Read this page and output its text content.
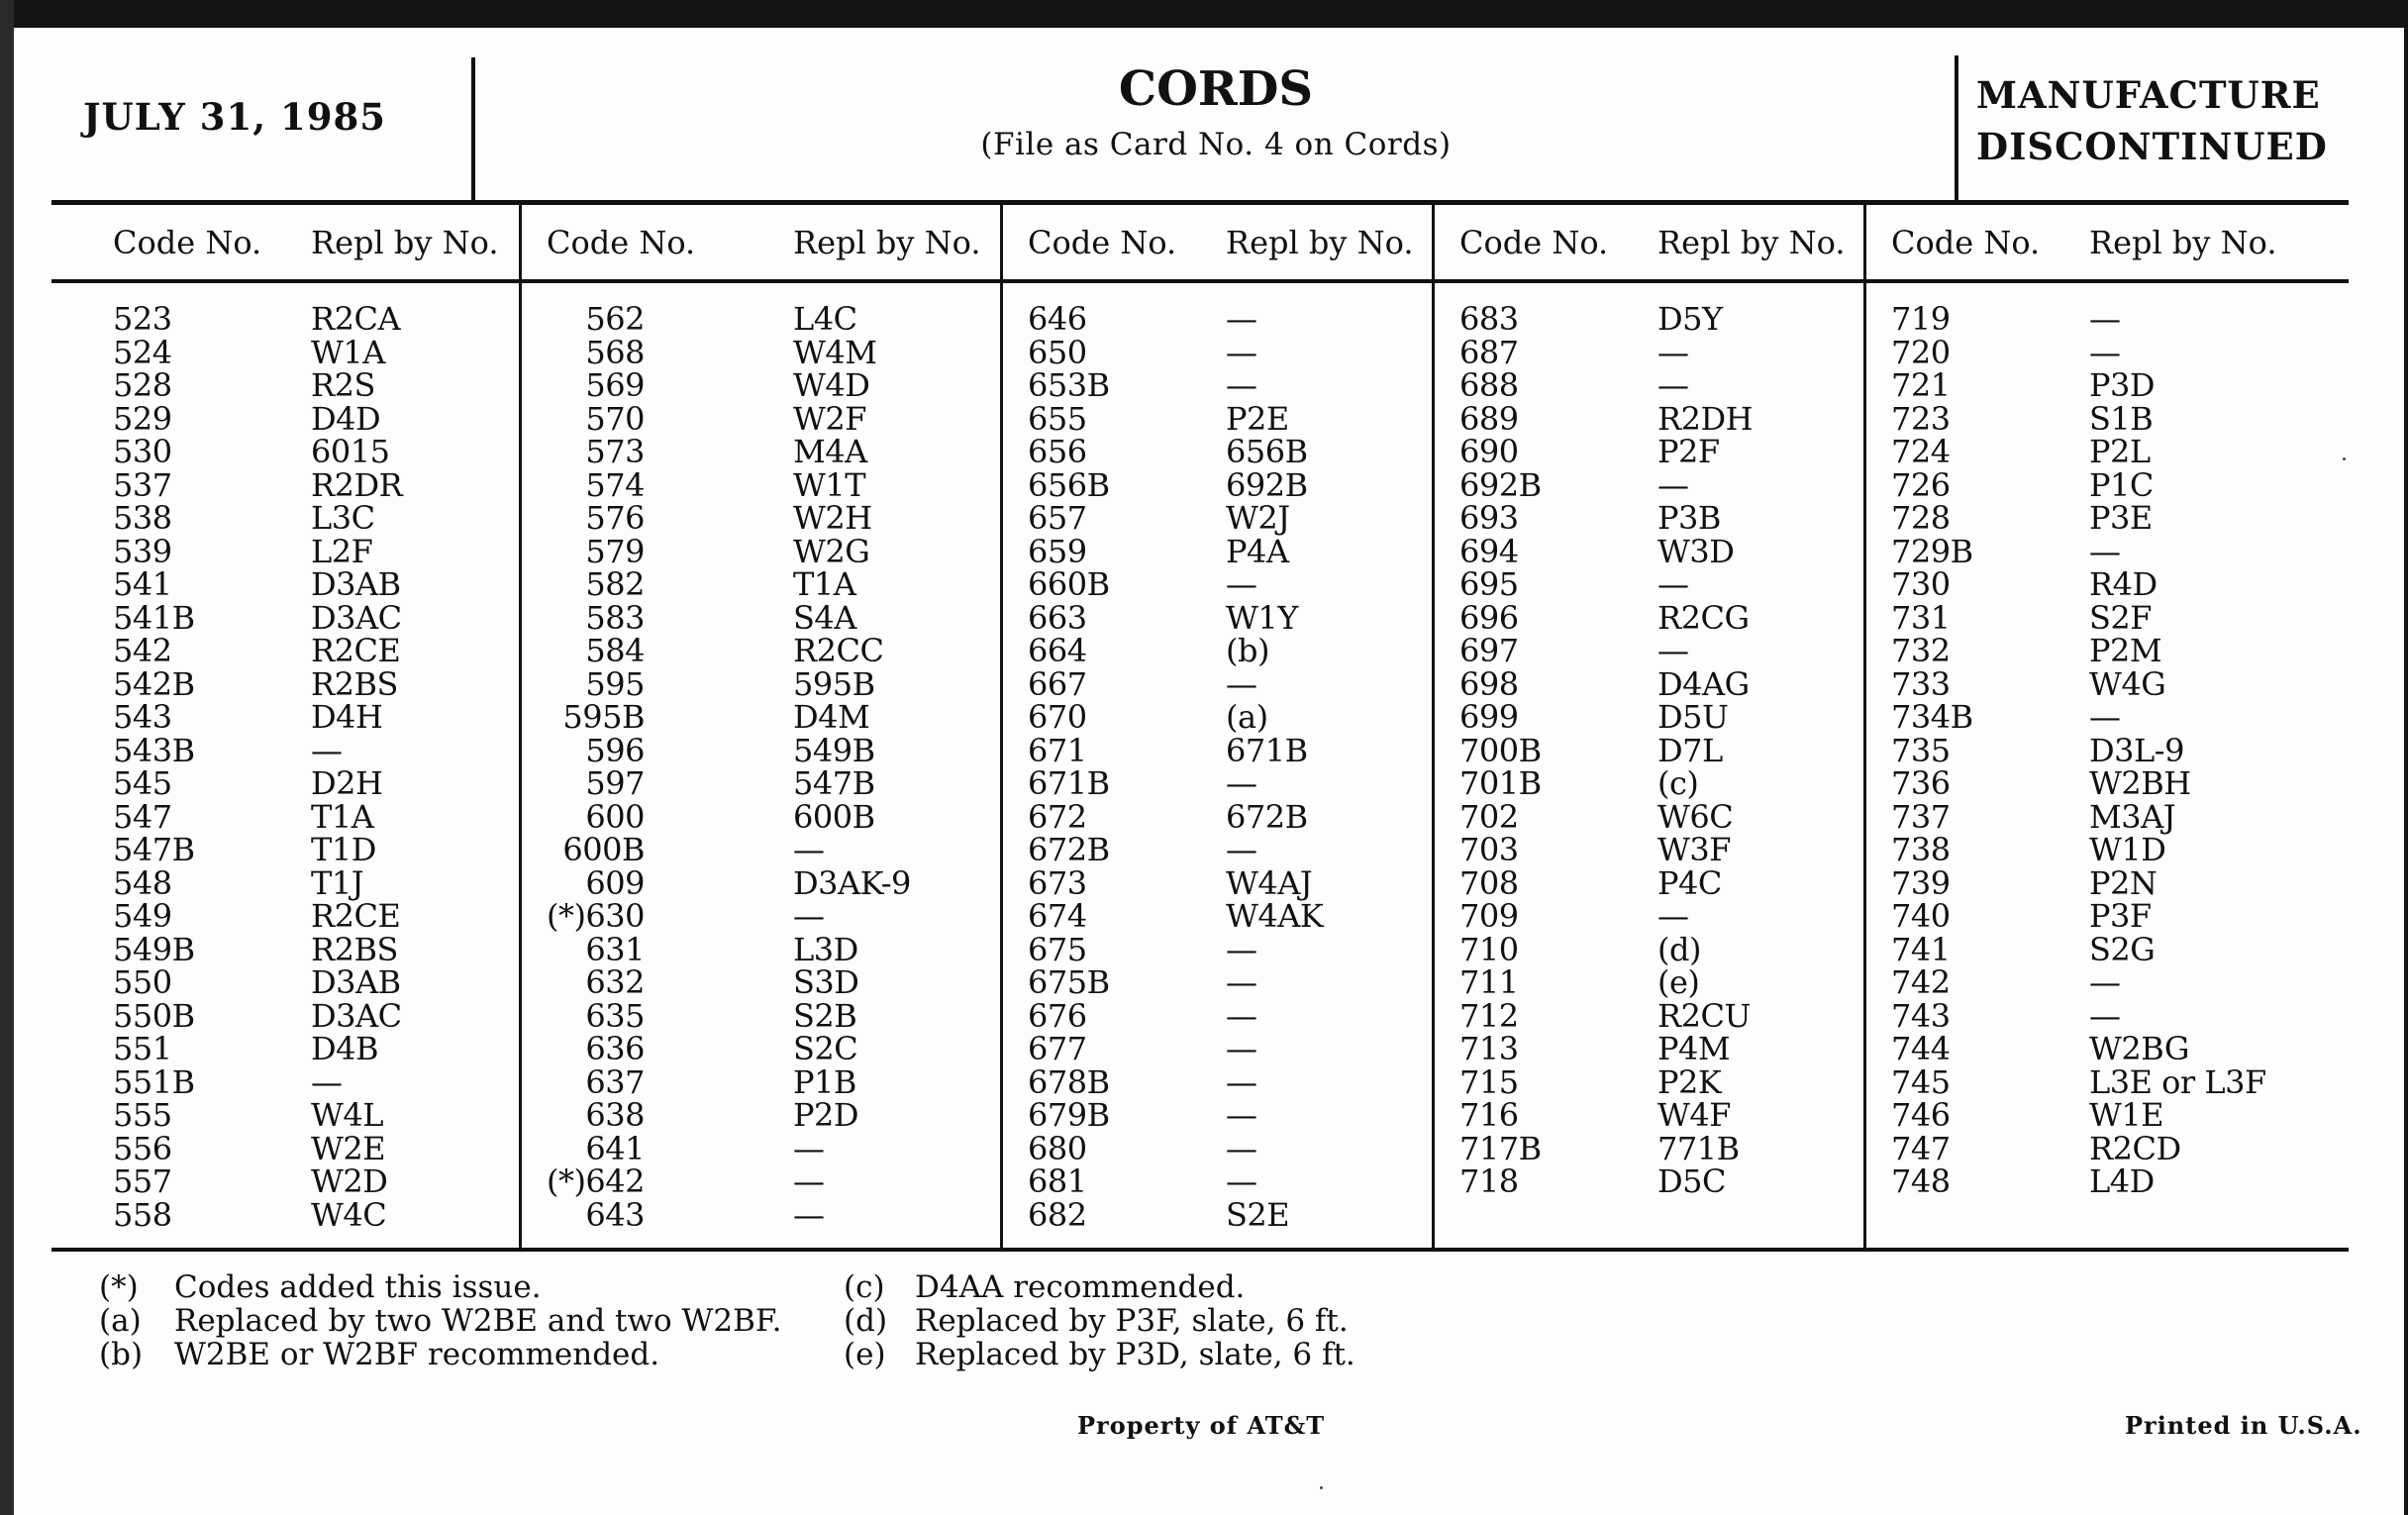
JULY 31, 1985	CORDS
(File as Card No. 4 on Cords)
MANUFACTURE
DISCONTINUED
Code No. Repl by No. Code No.	Repl by No. Code No. Repl by No. Code No. Repl by No. Code No. Repl by No.
523	R2CA
524	W1A
528	R2S
529	D4D
530	6015
537	R2DR
538	L3C
539	L2F
541	D3AB
541B	D3AC
542	R2CE
542B	R2BS
543	D4H
543B	—
545	D2H
547	T1A
547B	T1D
548	T1J
549	R2CE
549B	R2BS
550	D3AB
550B	D3AC
551	D4B
551B	—
555	W4L
556	W2E
557	W2D
558	W4C
562	L4C
568	W4M
569	W4D
570	W2F
573	M4A
574	W1T
576	W2H
579	W2G
582	T1A
583	S4A
584	R2CC
595	595B
595B	D4M
596	549B
597	547B
600	600B
600B	—
609	D3AK-9
(*)630	—
631	L3D
632	S3D
635	S2B
636	S2C
637	P1B
638	P2D
641	—
(*)642	—
643	—
646	—
650	—
653B	—
655	P2E
656	656B
656B	692B
657	W2J
659	P4A
660B	—
663	W1Y
664	(b)
667	—
670	(a)
671	671B
671B	—
672	672B
672B	—
673	W4AJ
674	W4AK
675	—
675B	—
676	—
677	—
678B	—
679B	—
680	—
681	—
682	S2E
683	D5Y
687	—
688	—
689	R2DH
690	P2F
692B	—
693	P3B
694	W3D
695	—
696	R2CG
697	—
698	D4AG
699	D5U
700B	D7L
701B	(c)
702	W6C
703	W3F
708	P4C
709	—
710	(d)
711	(e)
712	R2CU
713	P4M
715	P2K
716	W4F
717B	771B
718	D5C
719	—
720	—
721	P3D
723	S1B
724	P2L
726	P1C
728	P3E
729B	—
730	R4D
731	S2F
732	P2M
733	W4G
734B	—
735	D3L-9
736	W2BH
737	M3AJ
738	W1D
739	P2N
740	P3F
741	S2G
742	—
743	—
744	W2BG
745	L3E or L3F
746	W1E
747	R2CD
748	L4D
(*) Codes added this issue.
(a) Replaced by two W2BE and two W2BF.
(b) W2BE or W2BF recommended.
(c) D4AA recommended.
(d) Replaced by P3F, slate, 6 ft.
(e) Replaced by P3D, slate, 6 ft.
Property of AT&T	Printed in U.S.A.
